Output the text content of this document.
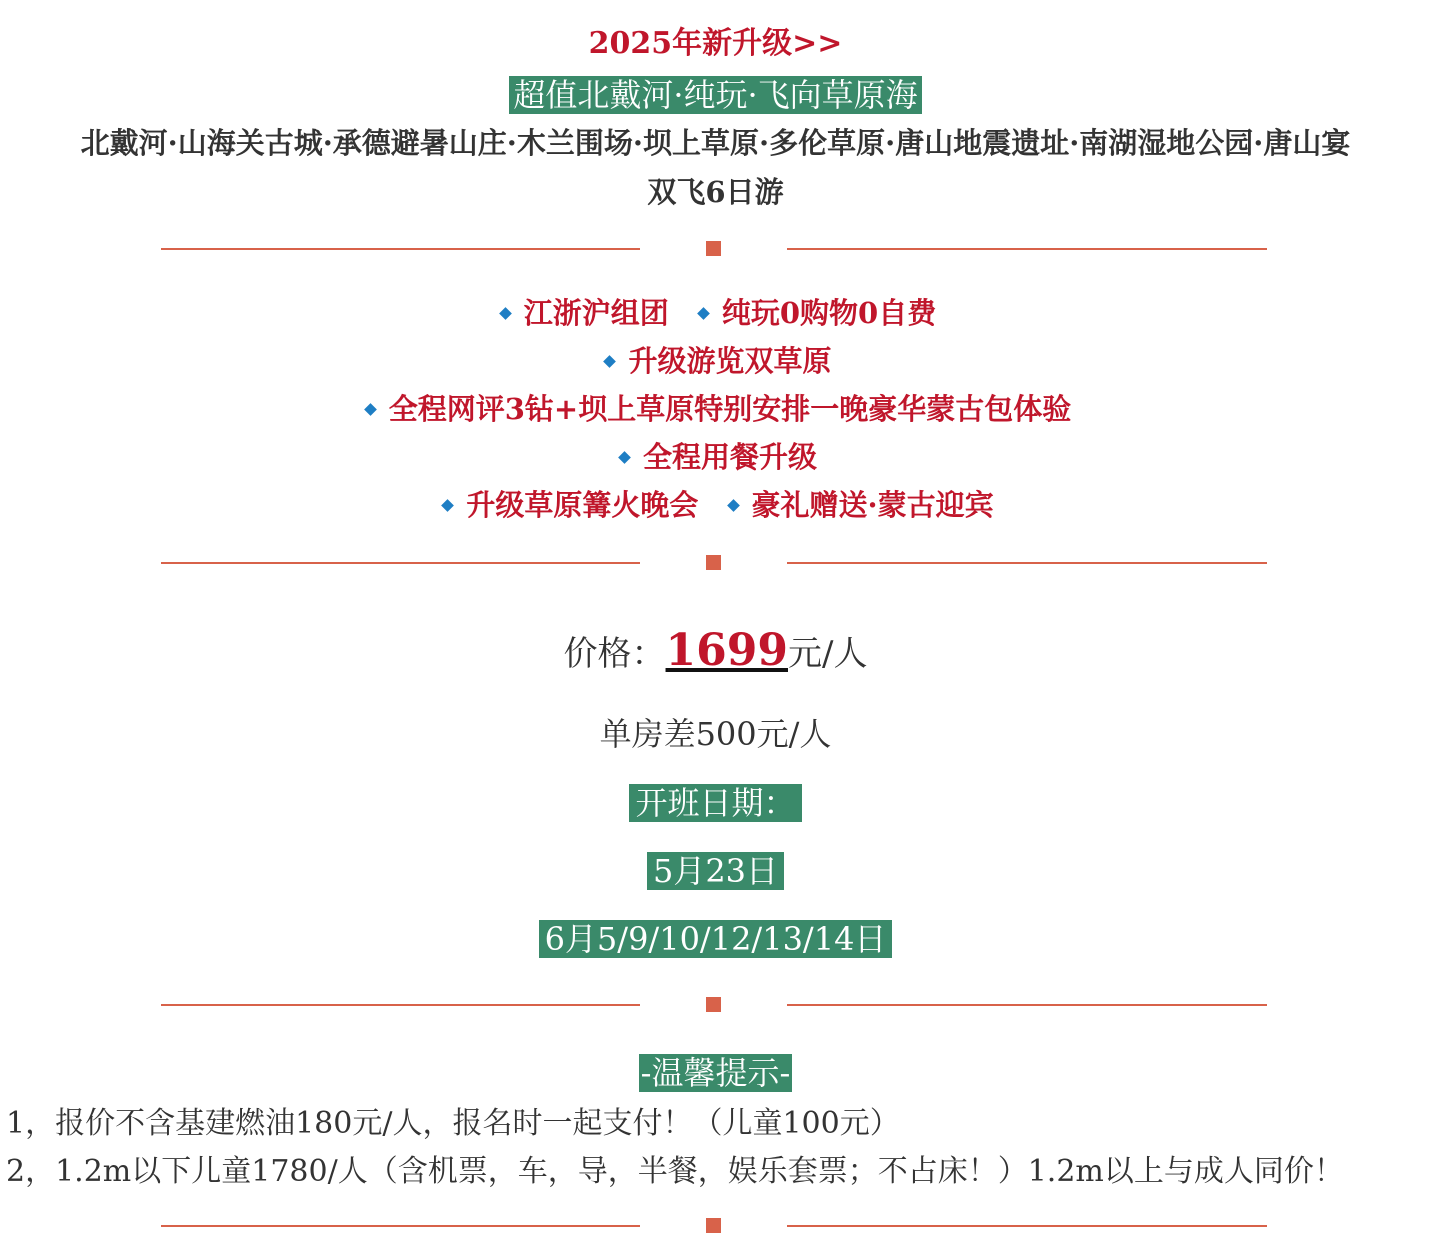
2025年新升级>>
超值北戴河·纯玩·飞向草原海
北戴河·山海关古城·承德避暑山庄·木兰围场·坝上草原·多伦草原·唐山地震遗址·南湖湿地公园·唐山宴
双飞6日游
江浙沪组团 纯玩0购物0自费
升级游览双草原
全程网评3钻+坝上草原特别安排一晚豪华蒙古包体验
全程用餐升级
升级草原篝火晚会 豪礼赠送·蒙古迎宾
价格：1699元/人
单房差500元/人
开班日期：
5月23日
6月5/9/10/12/13/14日
-温馨提示-
1，报价不含基建燃油180元/人，报名时一起支付！（儿童100元）
2，1.2m以下儿童1780/人（含机票，车，导，半餐，娱乐套票；不占床！）1.2m以上与成人同价！
